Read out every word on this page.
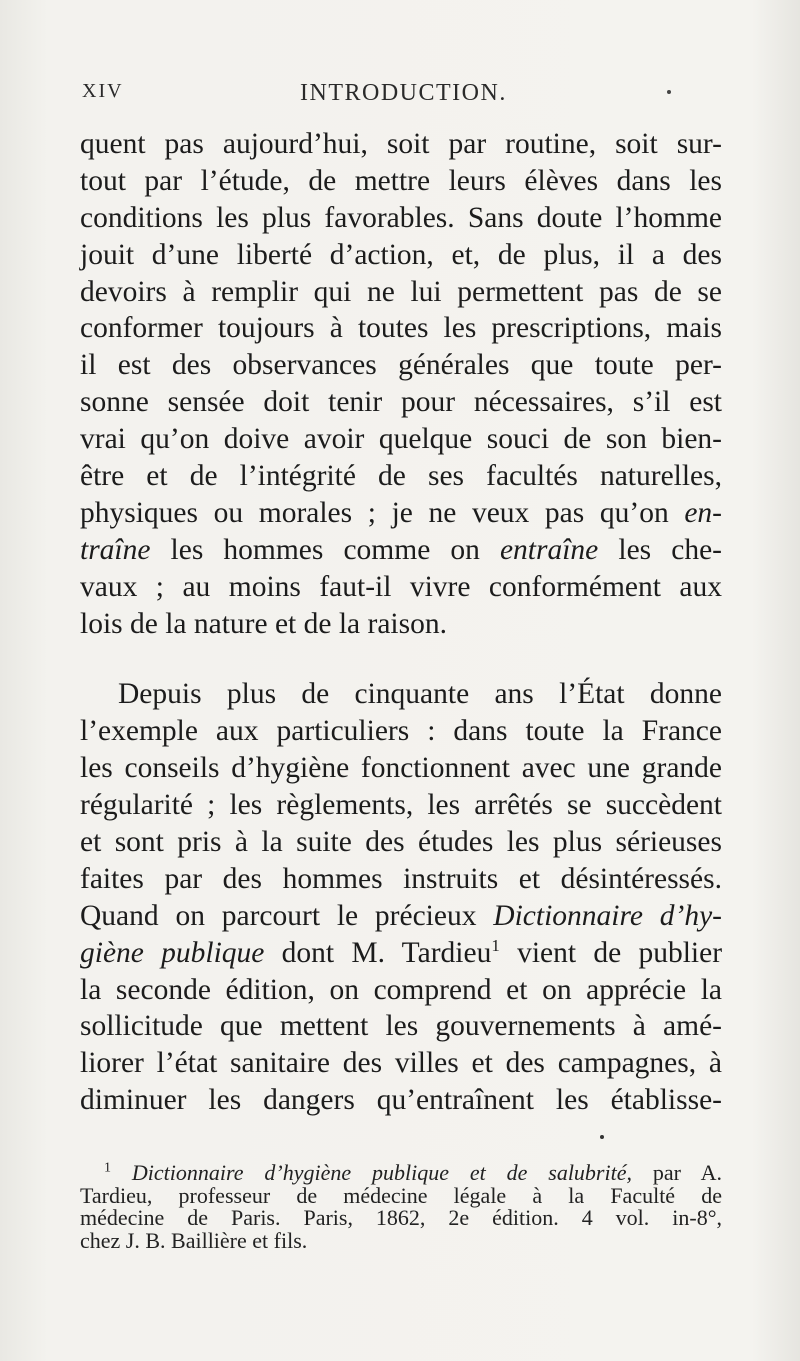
XIV	INTRODUCTION.
quent pas aujourd’hui, soit par routine, soit sur-
tout par l’étude, de mettre leurs élèves dans les
conditions les plus favorables. Sans doute l’homme
jouit d’une liberté d’action, et, de plus, il a des
devoirs à remplir qui ne lui permettent pas de se
conformer toujours à toutes les prescriptions, mais
il est des observances générales que toute per-
sonne sensée doit tenir pour nécessaires, s’il est
vrai qu’on doive avoir quelque souci de son bien-
être et de l’intégrité de ses facultés naturelles,
physiques ou morales ; je ne veux pas qu’on en-
traîne les hommes comme on entraîne les che-
vaux ; au moins faut-il vivre conformément aux
lois de la nature et de la raison.
Depuis plus de cinquante ans l’État donne
l’exemple aux particuliers : dans toute la France
les conseils d’hygiène fonctionnent avec une grande
régularité ; les règlements, les arrêtés se succèdent
et sont pris à la suite des études les plus sérieuses
faites par des hommes instruits et désintéressés.
Quand on parcourt le précieux Dictionnaire d’hy-
giène publique dont M. Tardieu$^1$ vient de publier
la seconde édition, on comprend et on apprécie la
sollicitude que mettent les gouvernements à amé-
liorer l’état sanitaire des villes et des campagnes, à
diminuer les dangers qu’entraînent les établisse-
$^1$ Dictionnaire d’hygiène publique et de salubrité, par A.
Tardieu, professeur de médecine légale à la Faculté de
médecine de Paris. Paris, 1862, 2e édition. 4 vol. in-8°,
chez J. B. Baillière et fils.
